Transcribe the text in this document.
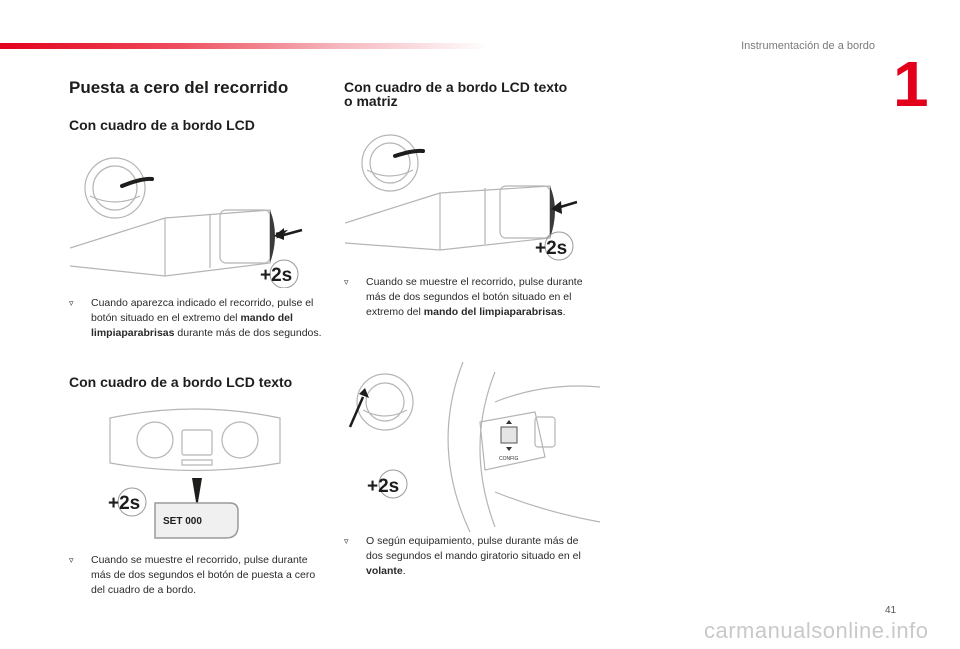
Instrumentación de a bordo
1
Puesta a cero del recorrido
Con cuadro de a bordo LCD
+2s
▿ Cuando aparezca indicado el recorrido, pulse el botón situado en el extremo del mando del limpiaparabrisas durante más de dos segundos.
Con cuadro de a bordo LCD texto
+2s
SET 000
▿ Cuando se muestre el recorrido, pulse durante más de dos segundos el botón de puesta a cero del cuadro de a bordo.
Con cuadro de a bordo LCD texto
o matriz
+2s
▿ Cuando se muestre el recorrido, pulse durante más de dos segundos el botón situado en el extremo del mando del limpiaparabrisas.
CONFIG
+2s
▿ O según equipamiento, pulse durante más de dos segundos el mando giratorio situado en el volante.
41
carmanualsonline.info
